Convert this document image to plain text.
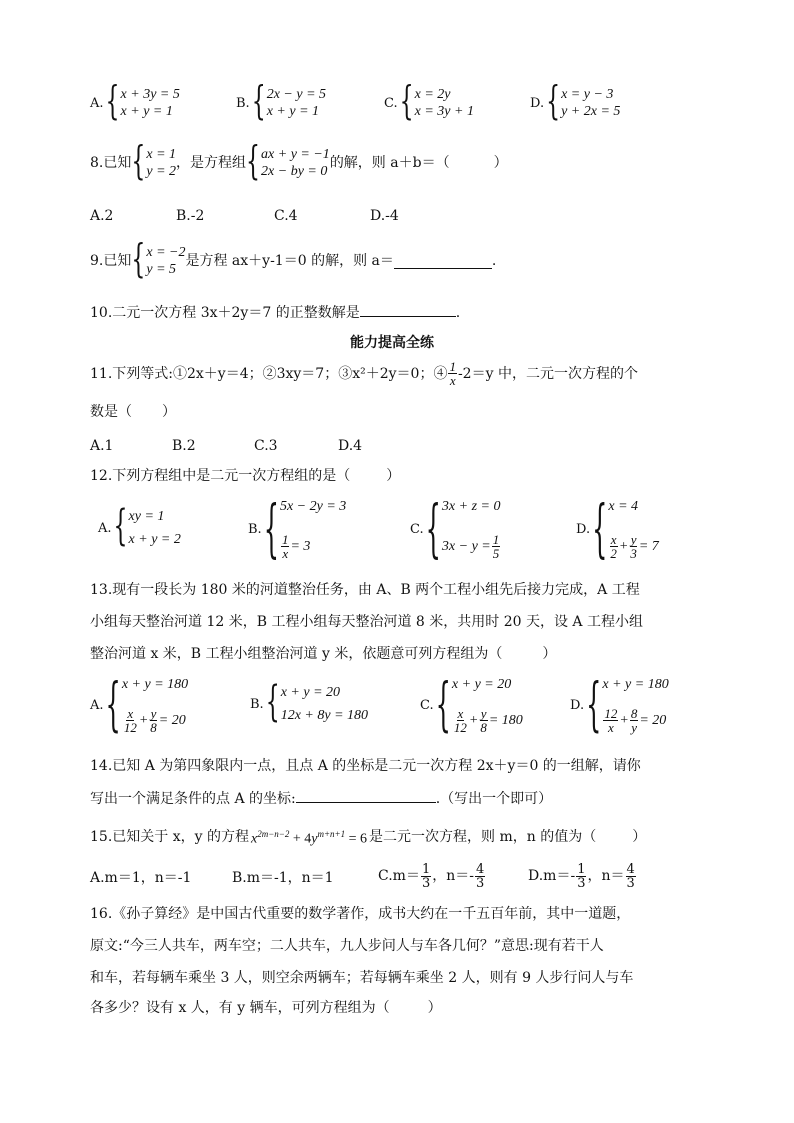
A. { x + 3y = 5
x + y = 1
B. { 2x − y = 5
x + y = 1
C. { x = 2y
x = 3y + 1
D. { x = y − 3
y + 2x = 5
8.已知 { x = 1
y = 2
，是方程组 { ax + y = −1
2x − by = 0
的解，则 a＋b＝（	）
A.2	B.-2	C.4	D.-4
9.已知 { x = −2
y = 5
是方程 ax＋y-1＝0 的解，则 a＝	.
10.二元一次方程 3x＋2y＝7 的正整数解是	.
能力提高全练
11.下列等式:①2x＋y＝4；②3xy＝7；③x²＋2y＝0；④ $\frac{1}{x} -2=y$ 中，二元一次方程的个
数是（ ）
A.1	B.2	C.3	D.4
12.下列方程组中是二元一次方程组的是（	）
A. { xy = 1
x + y = 2
B. { 5x − 2y = 3
$\frac{1}{x} = 3$
C. { 3x + z = 0
$3x - y = \frac{1}{5}$
D. { x = 4
$\frac{x}{2} + \frac{y}{3} = 7$
13.现有一段长为 180 米的河道整治任务，由 A、B 两个工程小组先后接力完成，A 工程
小组每天整治河道 12 米，B 工程小组每天整治河道 8 米，共用时 20 天，设 A 工程小组
整治河道 x 米，B 工程小组整治河道 y 米，依题意可列方程组为（	）
A. { x + y = 180
$\frac{x}{12} + \frac{y}{8} = 20$
B. { x + y = 20
12x + 8y = 180
C. { x + y = 20
$\frac{x}{12} + \frac{y}{8} = 180$
D. { x + y = 180
$\frac{12}{x} + \frac{8}{y} = 20$
14.已知 A 为第四象限内一点，且点 A 的坐标是二元一次方程 2x＋y＝0 的一组解，请你
写出一个满足条件的点 A 的坐标:	.（写出一个即可）
15.已知关于 x，y 的方程 $x^{2m-n-2} + 4y^{m+n+1} = 6$ 是二元一次方程，则 m，n 的值为（	）
A.m＝1，n＝-1	B.m＝-1，n＝1	$C.m= \frac{1}{3}$ ，$n=- \frac{4}{3}$	$D.m=- \frac{1}{3}$ ，$n= \frac{4}{3}$
16.《孙子算经》是中国古代重要的数学著作，成书大约在一千五百年前，其中一道题，
原文:“今三人共车，两车空；二人共车，九人步问人与车各几何？”意思:现有若干人
和车，若每辆车乘坐 3 人，则空余两辆车；若每辆车乘坐 2 人，则有 9 人步行问人与车
各多少？设有 x 人，有 y 辆车，可列方程组为（	）
